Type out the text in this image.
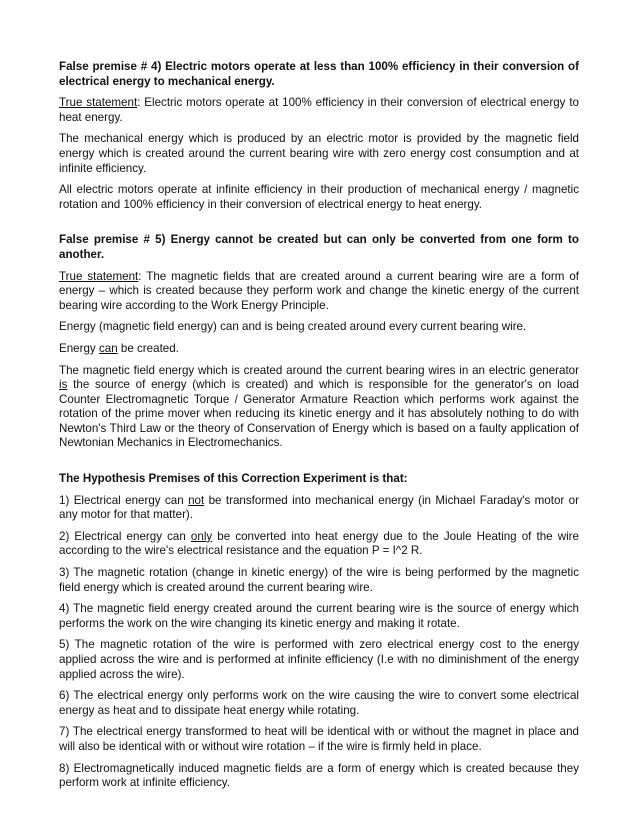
False premise # 4) Electric motors operate at less than 100% efficiency in their conversion of electrical energy to mechanical energy.

True statement: Electric motors operate at 100% efficiency in their conversion of electrical energy to heat energy.

The mechanical energy which is produced by an electric motor is provided by the magnetic field energy which is created around the current bearing wire with zero energy cost consumption and at infinite efficiency.

All electric motors operate at infinite efficiency in their production of mechanical energy / magnetic rotation and 100% efficiency in their conversion of electrical energy to heat energy.

False premise # 5) Energy cannot be created but can only be converted from one form to another.

True statement: The magnetic fields that are created around a current bearing wire are a form of energy – which is created because they perform work and change the kinetic energy of the current bearing wire according to the Work Energy Principle.

Energy (magnetic field energy) can and is being created around every current bearing wire.

Energy can be created.

The magnetic field energy which is created around the current bearing wires in an electric generator is the source of energy (which is created) and which is responsible for the generator's on load Counter Electromagnetic Torque / Generator Armature Reaction which performs work against the rotation of the prime mover when reducing its kinetic energy and it has absolutely nothing to do with Newton's Third Law or the theory of Conservation of Energy which is based on a faulty application of Newtonian Mechanics in Electromechanics.

The Hypothesis Premises of this Correction Experiment is that:

1) Electrical energy can not be transformed into mechanical energy (in Michael Faraday's motor or any motor for that matter).

2) Electrical energy can only be converted into heat energy due to the Joule Heating of the wire according to the wire's electrical resistance and the equation P = I^2 R.

3) The magnetic rotation (change in kinetic energy) of the wire is being performed by the magnetic field energy which is created around the current bearing wire.

4) The magnetic field energy created around the current bearing wire is the source of energy which performs the work on the wire changing its kinetic energy and making it rotate.

5) The magnetic rotation of the wire is performed with zero electrical energy cost to the energy applied across the wire and is performed at infinite efficiency (I.e with no diminishment of the energy applied across the wire).

6) The electrical energy only performs work on the wire causing the wire to convert some electrical energy as heat and to dissipate heat energy while rotating.

7) The electrical energy transformed to heat will be identical with or without the magnet in place and will also be identical with or without wire rotation – if the wire is firmly held in place.

8) Electromagnetically induced magnetic fields are a form of energy which is created because they perform work at infinite efficiency.
